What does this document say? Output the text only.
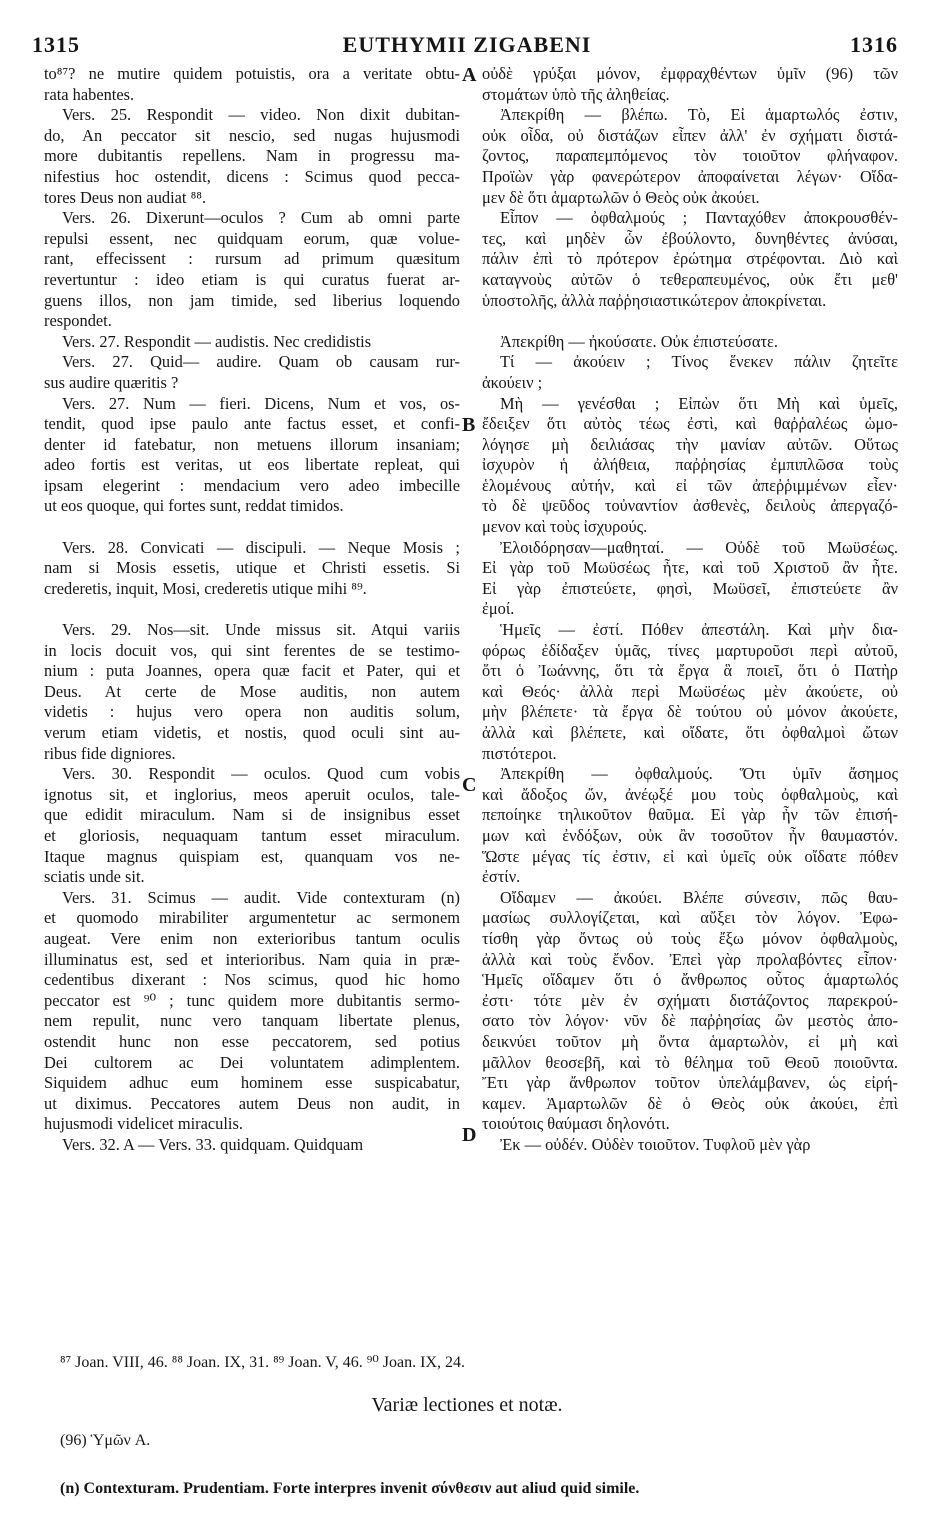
1315	EUTHYMII ZIGABENI	1316
to⁸⁷? ne mutire quidem potuistis, ora a veritate obtu-
rata habentes.
Vers. 25. Respondit — video. Non dixit dubitan-
do, An peccator sit nescio, sed nugas hujusmodi
more dubitantis repellens. Nam in progressu ma-
nifestius hoc ostendit, dicens : Scimus quod pecca-
tores Deus non audiat ⁸⁸.
Vers. 26. Dixerunt—oculos ? Cum ab omni parte
repulsi essent, nec quidquam eorum, quæ volue-
rant, effecissent : rursum ad primum quæsitum
revertuntur : ideo etiam is qui curatus fuerat ar-
guens illos, non jam timide, sed liberius loquendo
respondet.
Vers. 27. Respondit — audistis. Nec credidistis
Vers. 27. Quid— audire. Quam ob causam rur-
sus audire quæritis ?
Vers. 27. Num — fieri. Dicens, Num et vos, os-
tendit, quod ipse paulo ante factus esset, et confi-
denter id fatebatur, non metuens illorum insaniam;
adeo fortis est veritas, ut eos libertate repleat, qui
ipsam elegerint : mendacium vero adeo imbecille
ut eos quoque, qui fortes sunt, reddat timidos.
Vers. 28. Convicati — discipuli. — Neque Mosis ;
nam si Mosis essetis, utique et Christi essetis. Si
crederetis, inquit, Mosi, crederetis utique mihi ⁸⁹.
Vers. 29. Nos—sit. Unde missus sit. Atqui variis
in locis docuit vos, qui sint ferentes de se testimo-
nium : puta Joannes, opera quæ facit et Pater, qui et
Deus. At certe de Mose auditis, non autem
videtis : hujus vero opera non auditis solum,
verum etiam videtis, et nostis, quod oculi sint au-
ribus fide digniores.
Vers. 30. Respondit — oculos. Quod cum vobis
ignotus sit, et inglorius, meos aperuit oculos, tale-
que edidit miraculum. Nam si de insignibus esset
et gloriosis, nequaquam tantum esset miraculum.
Itaque magnus quispiam est, quanquam vos ne-
sciatis unde sit.
Vers. 31. Scimus — audit. Vide contexturam (n)
et quomodo mirabiliter argumentetur ac sermonem
augeat. Vere enim non exterioribus tantum oculis
illuminatus est, sed et interioribus. Nam quia in præ-
cedentibus dixerant : Nos scimus, quod hic homo
peccator est ⁹⁰ ; tunc quidem more dubitantis sermo-
nem repulit, nunc vero tanquam libertate plenus,
ostendit hunc non esse peccatorem, sed potius
Dei cultorem ac Dei voluntatem adimplentem.
Siquidem adhuc eum hominem esse suspicabatur,
ut diximus. Peccatores autem Deus non audit, in
hujusmodi videlicet miraculis.
Vers. 32. A — Vers. 33. quidquam. Quidquam
οὐδὲ γρύξαι μόνον, ἐμφραχθέντων ὑμῖν (96) τῶν
στομάτων ὑπὸ τῆς ἀληθείας.
Ἀπεκρίθη — βλέπω. Τὸ, Εἰ ἁμαρτωλός ἐστιν,
οὐκ οἶδα, οὐ διστάζων εἶπεν ἀλλ' ἐν σχήματι διστά-
ζοντος, παραπεμπόμενος τὸν τοιοῦτον φλήναφον.
Προϊὼν γὰρ φανερώτερον ἀποφαίνεται λέγων· Οἴδα-
μεν δὲ ὅτι ἁμαρτωλῶν ὁ Θεὸς οὐκ ἀκούει.
Εἶπον — ὀφθαλμούς ; Πανταχόθεν ἀποκρουσθέν-
τες, καὶ μηδὲν ὧν ἐβούλοντο, δυνηθέντες ἀνύσαι,
πάλιν ἐπὶ τὸ πρότερον ἐρώτημα στρέφονται. Διὸ καὶ
καταγνοὺς αὐτῶν ὁ τεθεραπευμένος, οὐκ ἔτι μεθ'
ὑποστολῆς, ἀλλὰ παῤῥησιαστικώτερον ἀποκρίνεται.
Ἀπεκρίθη — ἠκούσατε. Οὐκ ἐπιστεύσατε.
Τί — ἀκούειν ; Τίνος ἕνεκεν πάλιν ζητεῖτε
ἀκούειν ;
Μὴ — γενέσθαι ; Εἰπὼν ὅτι Μὴ καὶ ὑμεῖς,
ἔδειξεν ὅτι αὐτὸς τέως ἐστὶ, καὶ θαῤῥαλέως ὡμο-
λόγησε μὴ δειλιάσας τὴν μανίαν αὐτῶν. Οὕτως
ἰσχυρὸν ἡ ἀλήθεια, παῤῥησίας ἐμπιπλῶσα τοὺς
ἑλομένους αὐτήν, καὶ εἰ τῶν ἀπεῤῥιμμένων εἶεν·
τὸ δὲ ψεῦδος τοὐναντίον ἀσθενὲς, δειλοὺς ἀπεργαζό-
μενον καὶ τοὺς ἰσχυρούς.
Ἐλοιδόρησαν—μαθηταί. — Οὐδὲ τοῦ Μωϋσέως.
Εἰ γὰρ τοῦ Μωϋσέως ἦτε, καὶ τοῦ Χριστοῦ ἂν ἦτε.
Εἰ γὰρ ἐπιστεύετε, φησὶ, Μωϋσεῖ, ἐπιστεύετε ἂν
ἐμοί.
Ἡμεῖς — ἐστί. Πόθεν ἀπεστάλη. Καὶ μὴν δια-
φόρως ἐδίδαξεν ὑμᾶς, τίνες μαρτυροῦσι περὶ αὐτοῦ,
ὅτι ὁ Ἰωάννης, ὅτι τὰ ἔργα ἃ ποιεῖ, ὅτι ὁ Πατὴρ
καὶ Θεός· ἀλλὰ περὶ Μωϋσέως μὲν ἀκούετε, οὐ
μὴν βλέπετε· τὰ ἔργα δὲ τούτου οὐ μόνον ἀκούετε,
ἀλλὰ καὶ βλέπετε, καὶ οἴδατε, ὅτι ὀφθαλμοὶ ὤτων
πιστότεροι.
Ἀπεκρίθη — ὀφθαλμούς. Ὅτι ὑμῖν ἄσημος
καὶ ἄδοξος ὤν, ἀνέῳξέ μου τοὺς ὀφθαλμοὺς, καὶ
πεποίηκε τηλικοῦτον θαῦμα. Εἰ γὰρ ἦν τῶν ἐπισή-
μων καὶ ἐνδόξων, οὐκ ἂν τοσοῦτον ἦν θαυμαστόν.
Ὥστε μέγας τίς ἐστιν, εἰ καὶ ὑμεῖς οὐκ οἴδατε πόθεν
ἐστίν.
Οἴδαμεν — ἀκούει. Βλέπε σύνεσιν, πῶς θαυ-
μασίως συλλογίζεται, καὶ αὔξει τὸν λόγον. Ἐφω-
τίσθη γὰρ ὄντως οὐ τοὺς ἔξω μόνον ὀφθαλμοὺς,
ἀλλὰ καὶ τοὺς ἔνδον. Ἐπεὶ γὰρ προλαβόντες εἶπον·
Ἡμεῖς οἴδαμεν ὅτι ὁ ἄνθρωπος οὗτος ἁμαρτωλός
ἐστι· τότε μὲν ἐν σχήματι διστάζοντος παρεκρού-
σατο τὸν λόγον· νῦν δὲ παῤῥησίας ὢν μεστὸς ἀπο-
δεικνύει τοῦτον μὴ ὄντα ἁμαρτωλὸν, εἰ μὴ καὶ
μᾶλλον θεοσεβῆ, καὶ τὸ θέλημα τοῦ Θεοῦ ποιοῦντα.
Ἔτι γὰρ ἄνθρωπον τοῦτον ὑπελάμβανεν, ὡς εἰρή-
καμεν. Ἁμαρτωλῶν δὲ ὁ Θεὸς οὐκ ἀκούει, ἐπὶ
τοιούτοις θαύμασι δηλονότι.
Ἐκ — οὐδέν. Οὐδὲν τοιοῦτον. Τυφλοῦ μὲν γὰρ
A
B
C
D
⁸⁷ Joan. VIII, 46. ⁸⁸ Joan. IX, 31. ⁸⁹ Joan. V, 46. ⁹⁰ Joan. IX, 24.
Variæ lectiones et notæ.
(96) Ὑμῶν A.
(n) Contexturam. Prudentiam. Forte interpres invenit σύνθεσιν aut aliud quid simile.
